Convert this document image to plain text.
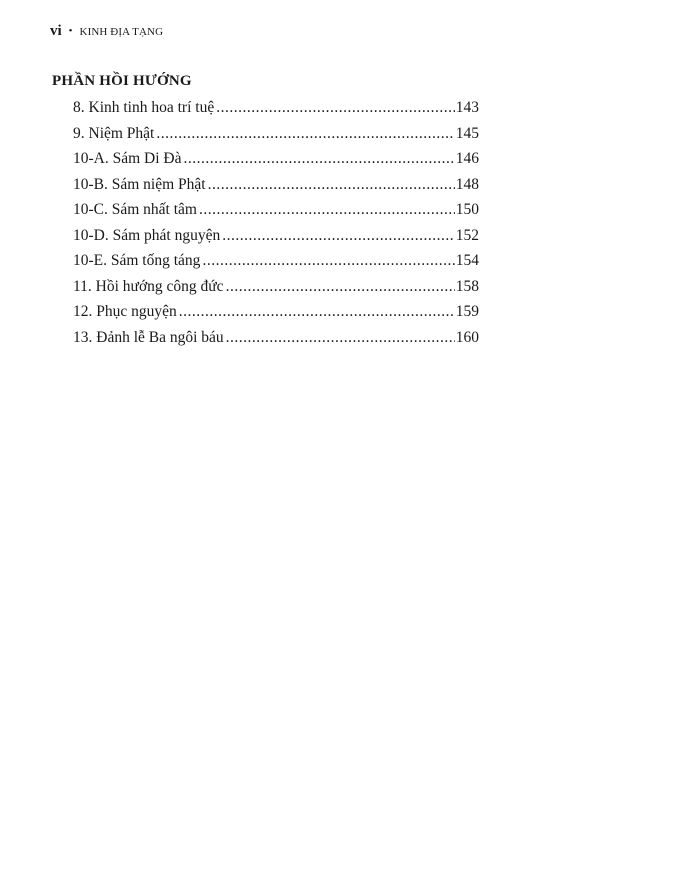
vi • KINH ĐỊA TẠNG
PHẦN HỒI HƯỚNG
8. Kinh tinh hoa trí tuệ .....	143
9. Niệm Phật .....	145
10-A. Sám Di Đà .....	146
10-B. Sám niệm Phật .....	148
10-C. Sám nhất tâm .....	150
10-D. Sám phát nguyện .....	152
10-E. Sám tống táng .....	154
11. Hồi hướng công đức .....	158
12. Phục nguyện .....	159
13. Đảnh lễ Ba ngôi báu .....	160
